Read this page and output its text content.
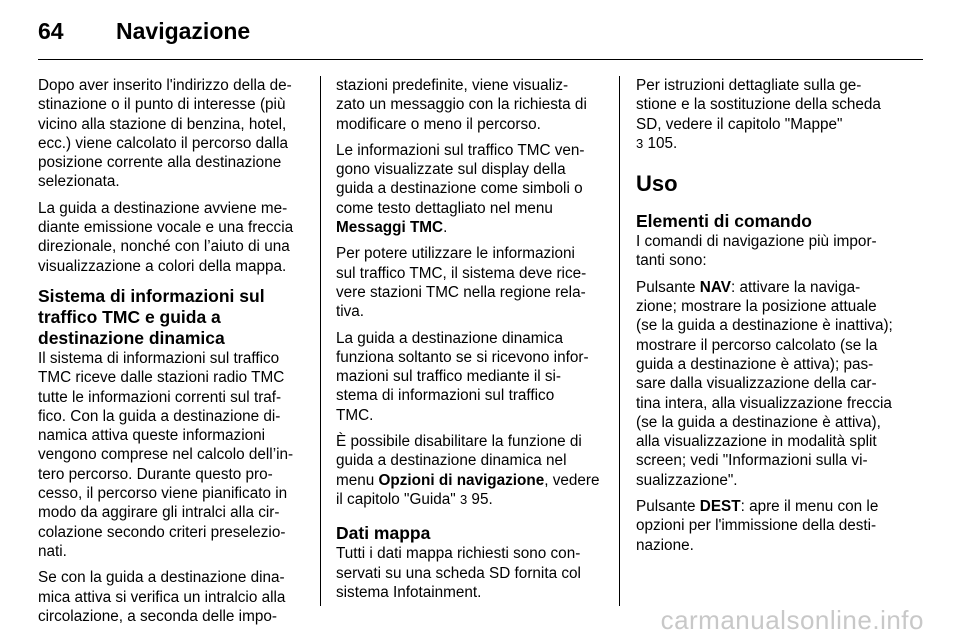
64 Navigazione

Dopo aver inserito l'indirizzo della de-
stinazione o il punto di interesse (più
vicino alla stazione di benzina, hotel,
ecc.) viene calcolato il percorso dalla
posizione corrente alla destinazione
selezionata.

La guida a destinazione avviene me-
diante emissione vocale e una freccia
direzionale, nonché con l’aiuto di una
visualizzazione a colori della mappa.

Sistema di informazioni sul
traffico TMC e guida a
destinazione dinamica

Il sistema di informazioni sul traffico
TMC riceve dalle stazioni radio TMC
tutte le informazioni correnti sul traf-
fico. Con la guida a destinazione di-
namica attiva queste informazioni
vengono comprese nel calcolo dell’in-
tero percorso. Durante questo pro-
cesso, il percorso viene pianificato in
modo da aggirare gli intralci alla cir-
colazione secondo criteri preselezio-
nati.

Se con la guida a destinazione dina-
mica attiva si verifica un intralcio alla
circolazione, a seconda delle impo-

stazioni predefinite, viene visualiz-
zato un messaggio con la richiesta di
modificare o meno il percorso.

Le informazioni sul traffico TMC ven-
gono visualizzate sul display della
guida a destinazione come simboli o
come testo dettagliato nel menu
Messaggi TMC.

Per potere utilizzare le informazioni
sul traffico TMC, il sistema deve rice-
vere stazioni TMC nella regione rela-
tiva.

La guida a destinazione dinamica
funziona soltanto se si ricevono infor-
mazioni sul traffico mediante il si-
stema di informazioni sul traffico
TMC.

È possibile disabilitare la funzione di
guida a destinazione dinamica nel
menu Opzioni di navigazione, vedere
il capitolo "Guida" 3 95.

Dati mappa

Tutti i dati mappa richiesti sono con-
servati su una scheda SD fornita col
sistema Infotainment.

Per istruzioni dettagliate sulla ge-
stione e la sostituzione della scheda
SD, vedere il capitolo "Mappe"
3 105.

Uso
Elementi di comando

I comandi di navigazione più impor-
tanti sono:

Pulsante NAV: attivare la naviga-
zione; mostrare la posizione attuale
(se la guida a destinazione è inattiva);
mostrare il percorso calcolato (se la
guida a destinazione è attiva); pas-
sare dalla visualizzazione della car-
tina intera, alla visualizzazione freccia
(se la guida a destinazione è attiva),
alla visualizzazione in modalità split
screen; vedi "Informazioni sulla vi-
sualizzazione".

Pulsante DEST: apre il menu con le
opzioni per l'immissione della desti-
nazione.

carmanualsonline.info
